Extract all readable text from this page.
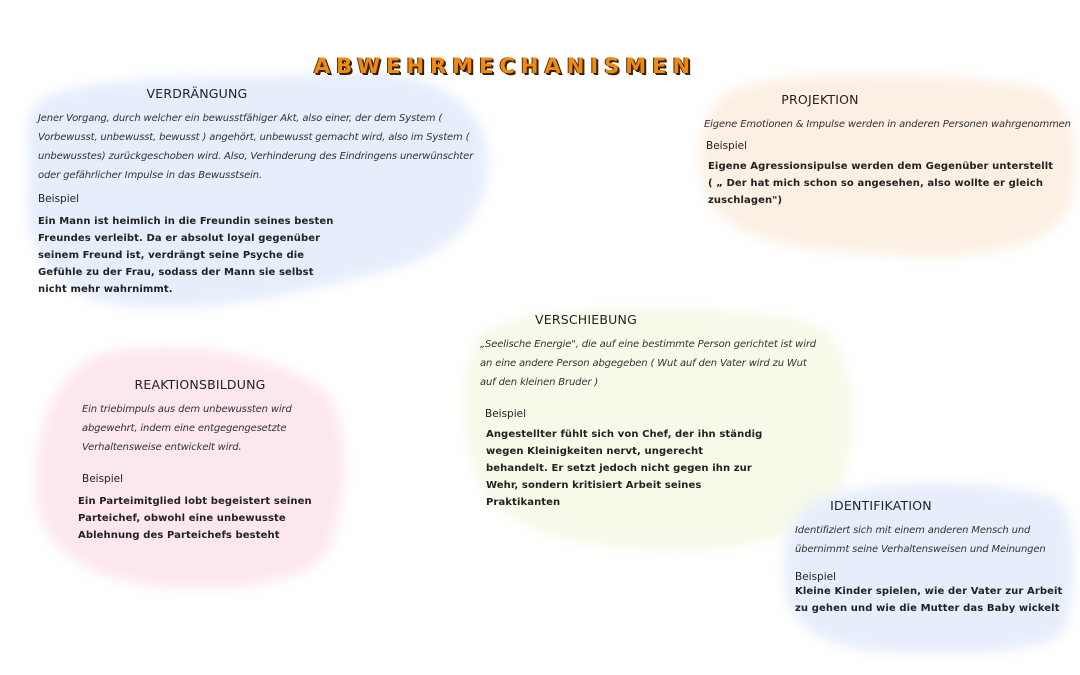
ABWEHRMECHANISMEN
VERDRÄNGUNG
Jener Vorgang, durch welcher ein bewusstfähiger Akt, also einer, der dem System ( Vorbewusst, unbewusst, bewusst ) angehört, unbewusst gemacht wird, also im System ( unbewusstes) zurückgeschoben wird. Also, Verhinderung des Eindringens unerwünschter oder gefährlicher Impulse in das Bewusstsein.
Beispiel
Ein Mann ist heimlich in die Freundin seines besten Freundes verleibt. Da er absolut loyal gegenüber seinem Freund ist, verdrängt seine Psyche die Gefühle zu der Frau, sodass der Mann sie selbst nicht mehr wahrnimmt.
PROJEKTION
Eigene Emotionen & Impulse werden in anderen Personen wahrgenommen
Beispiel
Eigene Agressionsipulse werden dem Gegenüber unterstellt ( „ Der hat mich schon so angesehen, also wollte er gleich zuschlagen")
VERSCHIEBUNG
„Seelische Energie", die auf eine bestimmte Person gerichtet ist wird an eine andere Person abgegeben ( Wut auf den Vater wird zu Wut auf den kleinen Bruder )
Beispiel
Angestellter fühlt sich von Chef, der ihn ständig wegen Kleinigkeiten nervt, ungerecht behandelt. Er setzt jedoch nicht gegen ihn zur Wehr, sondern kritisiert Arbeit seines Praktikanten
REAKTIONSBILDUNG
Ein triebimpuls aus dem unbewussten wird abgewehrt, indem eine entgegengesetzte Verhaltensweise entwickelt wird.
Beispiel
Ein Parteimitglied lobt begeistert seinen Parteichef, obwohl eine unbewusste Ablehnung des Parteichefs besteht
IDENTIFIKATION
Identifiziert sich mit einem anderen Mensch und übernimmt seine Verhaltensweisen und Meinungen
Beispiel
Kleine Kinder spielen, wie der Vater zur Arbeit zu gehen und wie die Mutter das Baby wickelt
